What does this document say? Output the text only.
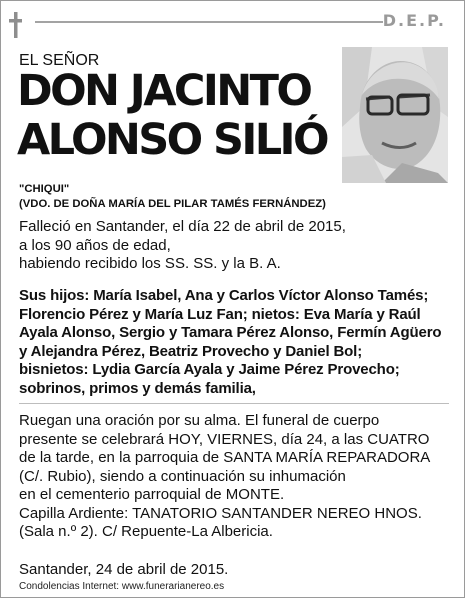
D.E.P.
EL SEÑOR
DON JACINTO
ALONSO SILIÓ
"CHIQUI"
(VDO. DE DOÑA MARÍA DEL PILAR TAMÉS FERNÁNDEZ)
Falleció en Santander, el día 22 de abril de 2015,
a los 90 años de edad,
habiendo recibido los SS. SS. y la B. A.
Sus hijos: María Isabel, Ana y Carlos Víctor Alonso Tamés;
Florencio Pérez y María Luz Fan; nietos: Eva María y Raúl
Ayala Alonso, Sergio y Tamara Pérez Alonso, Fermín Agüero
y Alejandra Pérez, Beatriz Provecho y Daniel Bol;
bisnietos: Lydia García Ayala y Jaime Pérez Provecho;
sobrinos, primos y demás familia,
Ruegan una oración por su alma. El funeral de cuerpo
presente se celebrará HOY, VIERNES, día 24, a las CUATRO
de la tarde, en la parroquia de SANTA MARÍA REPARADORA
(C/. Rubio), siendo a continuación su inhumación
en el cementerio parroquial de MONTE.
Capilla Ardiente: TANATORIO SANTANDER NEREO HNOS.
(Sala n.º 2). C/ Repuente-La Albericia.
Santander, 24 de abril de 2015.
Condolencias Internet: www.funerarianereo.es
